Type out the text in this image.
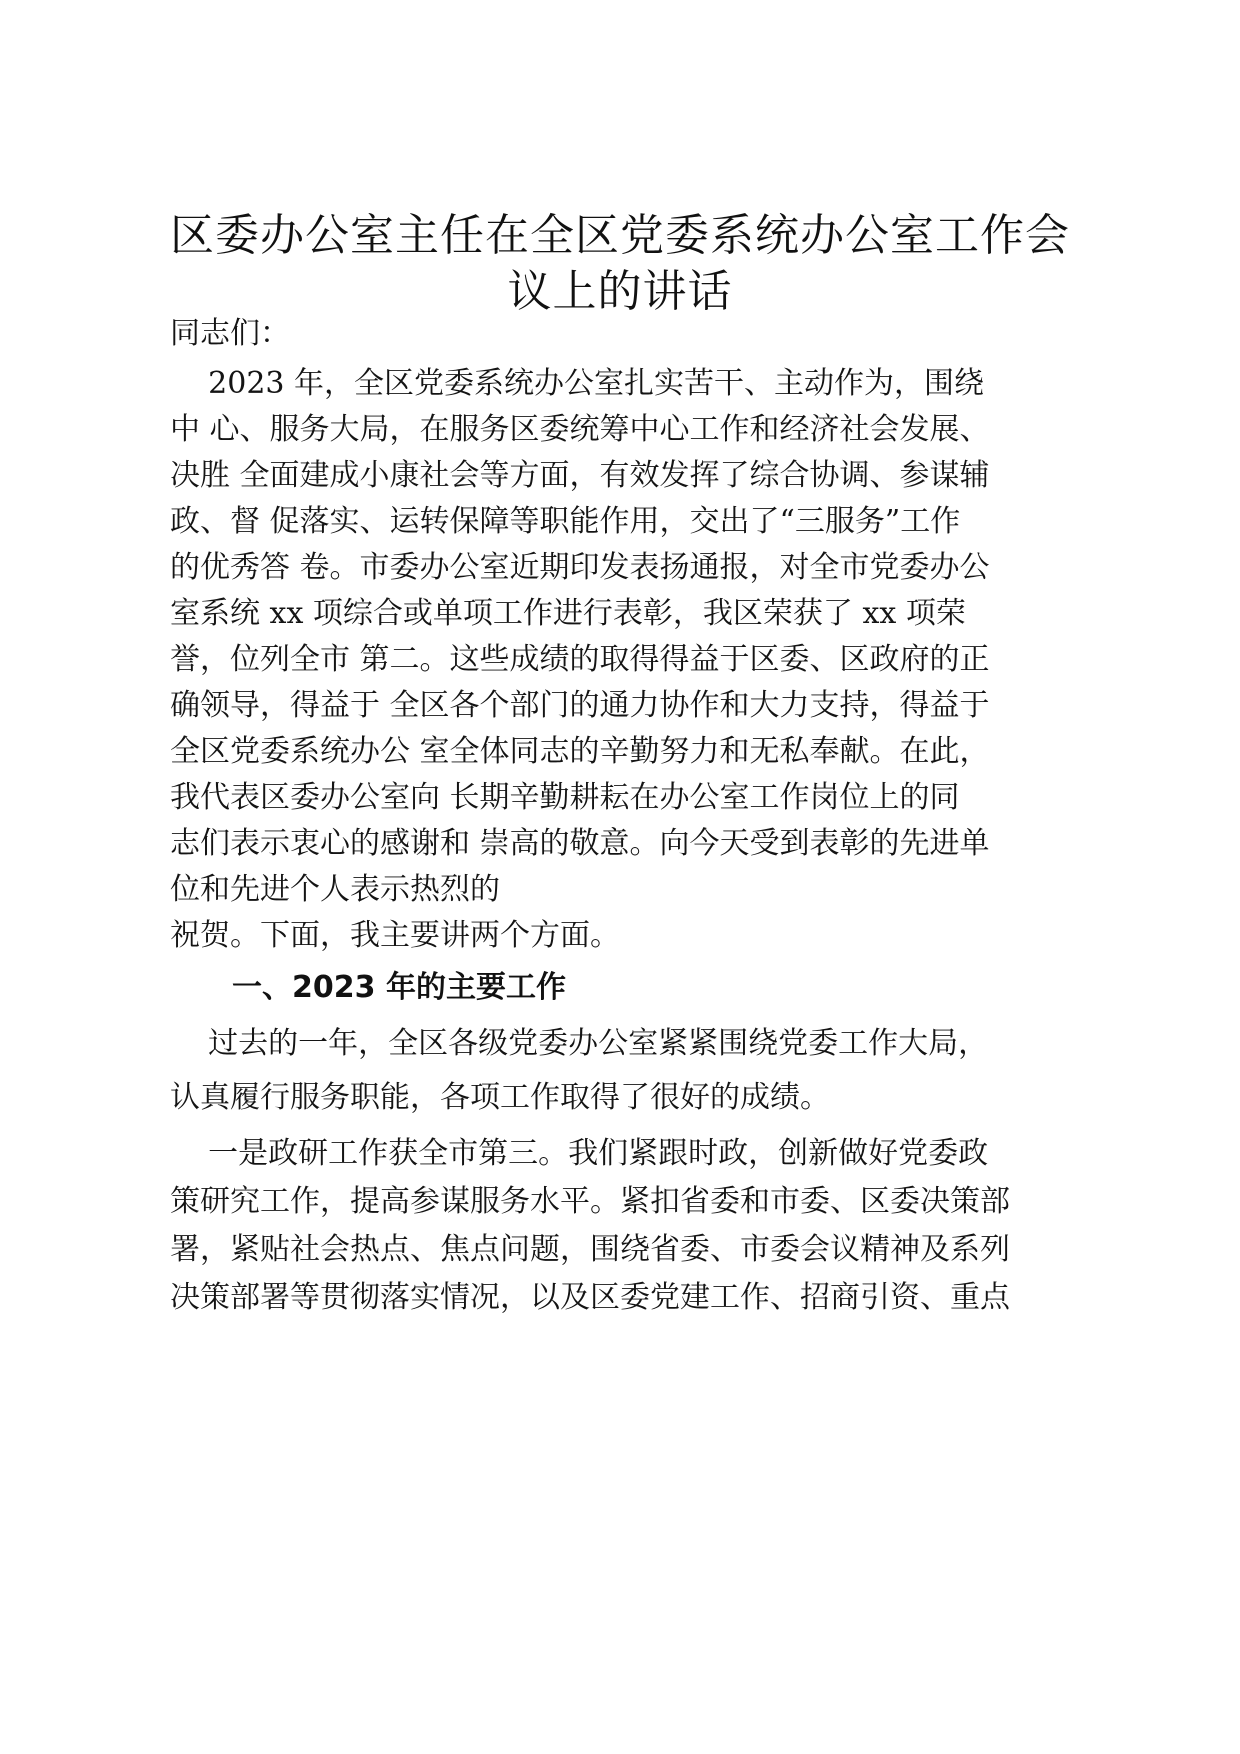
区委办公室主任在全区党委系统办公室工作会
议上的讲话
同志们：
2023 年，全区党委系统办公室扎实苦干、主动作为，围绕
中 心、服务大局，在服务区委统筹中心工作和经济社会发展、
决胜 全面建成小康社会等方面，有效发挥了综合协调、参谋辅
政、督 促落实、运转保障等职能作用，交出了“三服务”工作
的优秀答 卷。市委办公室近期印发表扬通报，对全市党委办公
室系统 xx 项综合或单项工作进行表彰，我区荣获了 xx 项荣
誉，位列全市 第二。这些成绩的取得得益于区委、区政府的正
确领导，得益于 全区各个部门的通力协作和大力支持，得益于
全区党委系统办公 室全体同志的辛勤努力和无私奉献。在此，
我代表区委办公室向 长期辛勤耕耘在办公室工作岗位上的同
志们表示衷心的感谢和 崇高的敬意。向今天受到表彰的先进单
位和先进个人表示热烈的
祝贺。下面，我主要讲两个方面。
一、2023 年的主要工作
过去的一年，全区各级党委办公室紧紧围绕党委工作大局，
认真履行服务职能，各项工作取得了很好的成绩。
一是政研工作获全市第三。我们紧跟时政，创新做好党委政
策研究工作，提高参谋服务水平。紧扣省委和市委、区委决策部
署，紧贴社会热点、焦点问题，围绕省委、市委会议精神及系列
决策部署等贯彻落实情况，以及区委党建工作、招商引资、重点
